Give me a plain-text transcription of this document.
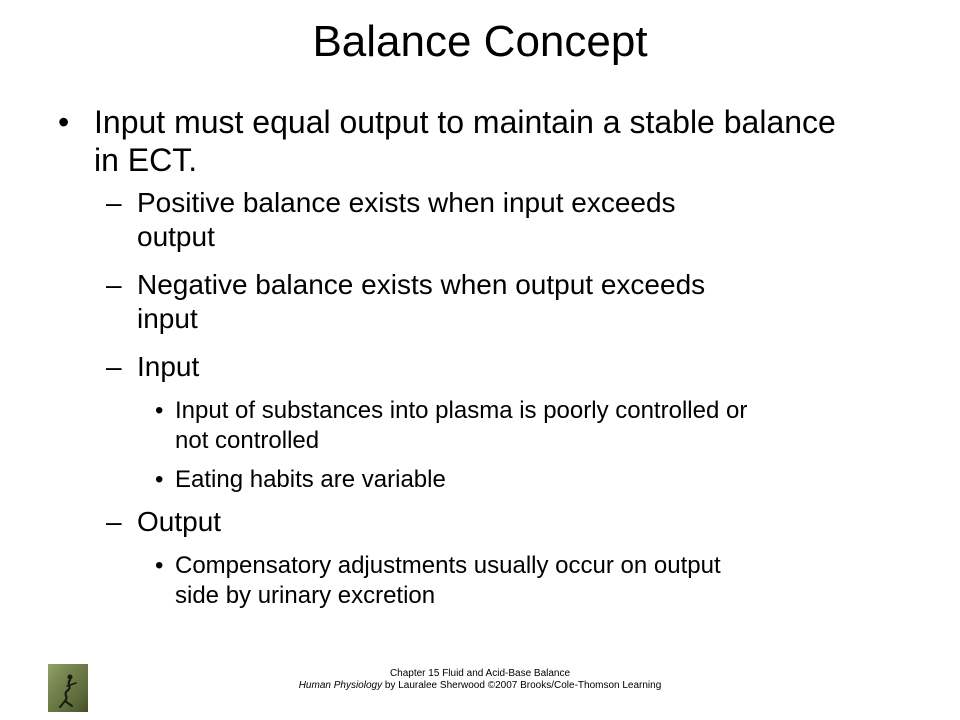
Balance Concept
• Input must equal output to maintain a stable balance
in ECT.
– Positive balance exists when input exceeds
output
– Negative balance exists when output exceeds
input
– Input
• Input of substances into plasma is poorly controlled or
not controlled
• Eating habits are variable
– Output
• Compensatory adjustments usually occur on output
side by urinary excretion
Chapter 15 Fluid and Acid-Base Balance
Human Physiology by Lauralee Sherwood ©2007 Brooks/Cole-Thomson Learning
